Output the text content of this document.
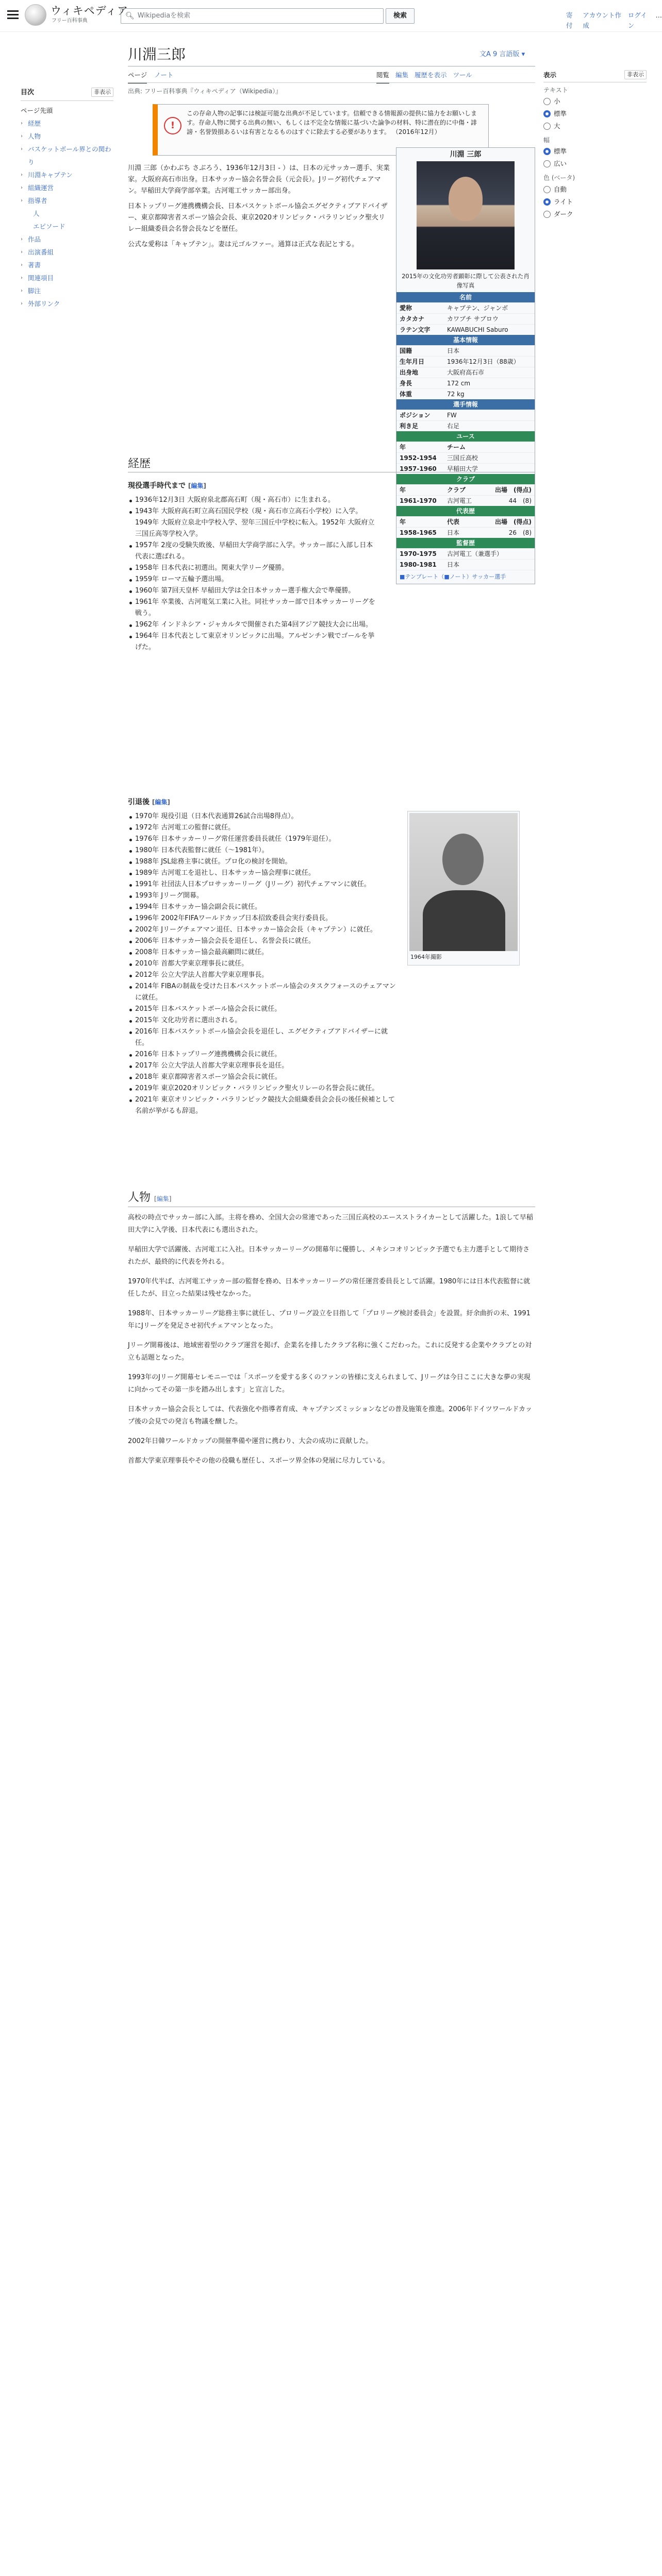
ウィキペディア
フリー百科事典
🔍︎ Wikipediaを検索	検索	寄付
アカウント作成
ログイン
…
目次	非表示
ページ先頭
› 経歴
› 人物
› バスケットボール界との関わり
› 川淵キャプテン
› 組織運営
› 指導者
人
エピソード
› 作品
› 出演番組
› 著書
› 関連項目
› 脚注
› 外部リンク
川淵三郎	文A 9 言語版 ▾
ページ ノート	閲覧 編集 履歴を表示 ツール
出典: フリー百科事典『ウィキペディア（Wikipedia）』
!
この存命人物の記事には検証可能な出典が不足しています。信頼できる情報源の提供に協力をお願いします。存命人物に関する出典の無い、もしくは不完全な情報に基づいた論争の材料、特に潜在的に中傷・誹謗・名誉毀損あるいは有害となるものはすぐに除去する必要があります。 （2016年12月）

川淵 三郎（かわぶち さぶろう、1936年12月3日 - ）は、日本の元サッカー選手、実業家。大阪府高石市出身。日本サッカー協会名誉会長（元会長）。Jリーグ初代チェアマン。早稲田大学商学部卒業。古河電工サッカー部出身。

日本トップリーグ連携機構会長、日本バスケットボール協会エグゼクティブアドバイザー、東京都障害者スポーツ協会会長、東京2020オリンピック・パラリンピック聖火リレー組織委員会名誉会長などを歴任。

公式な愛称は「キャプテン」。妻は元ゴルファー。通算は正式な表記とする。

川淵 三郎
2015年の文化功労者顕彰に際して公表された肖像写真
名前
愛称	キャプテン、ジャンボ
カタカナ	カワブチ サブロウ
ラテン文字	KAWABUCHI Saburo
基本情報
国籍	日本
生年月日	1936年12月3日（88歳）
出身地	大阪府高石市
身長	172 cm
体重	72 kg
選手情報
ポジション	FW
利き足	右足
ユース
年	チーム
1952-1954	三国丘高校
1957-1960	早稲田大学
クラブ
年	クラブ	出場	(得点)
1961-1970	古河電工	44	(8)
代表歴
年	代表	出場	(得点)
1958-1965	日本	26	(8)
監督歴
1970-1975	古河電工（兼選手）
1980-1981	日本
■テンプレート（■ノート）サッカー選手
経歴
現役選手時代まで [編集]
1936年12月3日 大阪府泉北郡高石町（現・高石市）に生まれる。
1943年 大阪府高石町立高石国民学校（現・高石市立高石小学校）に入学。1949年 大阪府立泉北中学校入学、翌年三国丘中学校に転入。1952年 大阪府立三国丘高等学校入学。
1957年 2度の受験失敗後、早稲田大学商学部に入学。サッカー部に入部し日本代表に選ばれる。
1958年 日本代表に初選出。関東大学リーグ優勝。
1959年 ローマ五輪予選出場。
1960年 第7回天皇杯 早稲田大学は全日本サッカー選手権大会で準優勝。
1961年 卒業後、古河電気工業に入社。同社サッカー部で日本サッカーリーグを戦う。
1962年 インドネシア・ジャカルタで開催された第4回アジア競技大会に出場。
1964年 日本代表として東京オリンピックに出場。アルゼンチン戦でゴールを挙げた。
引退後 [編集]
1970年 現役引退（日本代表通算26試合出場8得点）。
1972年 古河電工の監督に就任。
1976年 日本サッカーリーグ常任運営委員長就任（1979年退任）。
1980年 日本代表監督に就任（〜1981年）。
1988年 JSL総務主事に就任。プロ化の検討を開始。
1989年 古河電工を退社し、日本サッカー協会理事に就任。
1991年 社団法人日本プロサッカーリーグ（Jリーグ）初代チェアマンに就任。
1993年 Jリーグ開幕。
1994年 日本サッカー協会副会長に就任。
1996年 2002年FIFAワールドカップ日本招致委員会実行委員長。
2002年 Jリーグチェアマン退任、日本サッカー協会会長（キャプテン）に就任。
2006年 日本サッカー協会会長を退任し、名誉会長に就任。
2008年 日本サッカー協会最高顧問に就任。
2010年 首都大学東京理事長に就任。
2012年 公立大学法人首都大学東京理事長。
2014年 FIBAの制裁を受けた日本バスケットボール協会のタスクフォースのチェアマンに就任。
2015年 日本バスケットボール協会会長に就任。
2015年 文化功労者に選出される。
2016年 日本バスケットボール協会会長を退任し、エグゼクティブアドバイザーに就任。
2016年 日本トップリーグ連携機構会長に就任。
2017年 公立大学法人首都大学東京理事長を退任。
2018年 東京都障害者スポーツ協会会長に就任。
2019年 東京2020オリンピック・パラリンピック聖火リレーの名誉会長に就任。
2021年 東京オリンピック・パラリンピック競技大会組織委員会会長の後任候補として名前が挙がるも辞退。
1964年撮影
人物 [編集]

高校の時点でサッカー部に入部。主将を務め、全国大会の常連であった三国丘高校のエースストライカーとして活躍した。1浪して早稲田大学に入学後、日本代表にも選出された。

早稲田大学で活躍後、古河電工に入社。日本サッカーリーグの開幕年に優勝し、メキシコオリンピック予選でも主力選手として期待されたが、最終的に代表を外れる。

1970年代半ば、古河電工サッカー部の監督を務め、日本サッカーリーグの常任運営委員長として活躍。1980年には日本代表監督に就任したが、目立った結果は残せなかった。

1988年、日本サッカーリーグ総務主事に就任し、プロリーグ設立を目指して「プロリーグ検討委員会」を設置。紆余曲折の末、1991年にJリーグを発足させ初代チェアマンとなった。

Jリーグ開幕後は、地域密着型のクラブ運営を掲げ、企業名を排したクラブ名称に強くこだわった。これに反発する企業やクラブとの対立も話題となった。

1993年のJリーグ開幕セレモニーでは「スポーツを愛する多くのファンの皆様に支えられまして、Jリーグは今日ここに大きな夢の実現に向かってその第一歩を踏み出します」と宣言した。

日本サッカー協会会長としては、代表強化や指導者育成、キャプテンズミッションなどの普及施策を推進。2006年ドイツワールドカップ後の会見での発言も物議を醸した。

2002年日韓ワールドカップの開催準備や運営に携わり、大会の成功に貢献した。

首都大学東京理事長やその他の役職も歴任し、スポーツ界全体の発展に尽力している。

表示	非表示
テキスト
小
標準
大
幅
標準
広い
色 (ベータ)
自動
ライト
ダーク
